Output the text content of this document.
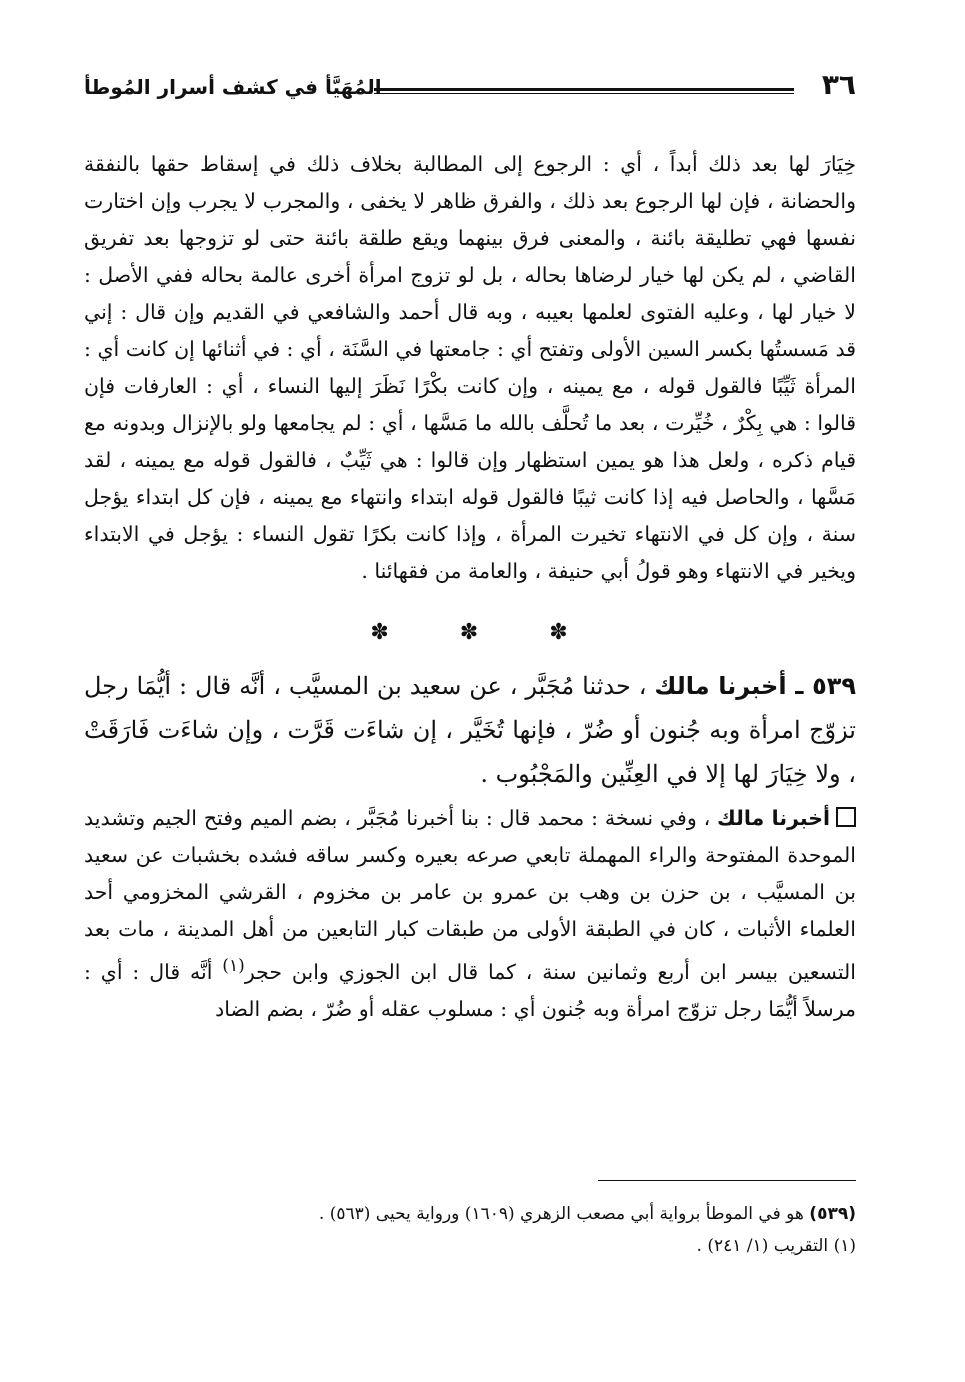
٣٦
المُهَيَّأ في كشف أسرار المُوطأ

خِيَارَ لها بعد ذلك أبداً ، أي : الرجوع إلى المطالبة بخلاف ذلك في إسقاط حقها بالنفقة والحضانة ، فإن لها الرجوع بعد ذلك ، والفرق ظاهر لا يخفى ، والمجرب لا يجرب وإن اختارت نفسها فهي تطليقة بائنة ، والمعنى فرق بينهما ويقع طلقة بائنة حتى لو تزوجها بعد تفريق القاضي ، لم يكن لها خيار لرضاها بحاله ، بل لو تزوج امرأة أخرى عالمة بحاله ففي الأصل : لا خيار لها ، وعليه الفتوى لعلمها بعيبه ، وبه قال أحمد والشافعي في القديم وإن قال : إني قد مَسستُها بكسر السين الأولى وتفتح أي : جامعتها في السَّنَة ، أي : في أثنائها إن كانت أي : المرأة ثَيِّبًا فالقول قوله ، مع يمينه ، وإن كانت بكْرًا نَظَرَ إليها النساء ، أي : العارفات فإن قالوا : هي بِكْرٌ ، خُيِّرت ، بعد ما تُحلَّف بالله ما مَسَّها ، أي : لم يجامعها ولو بالإنزال وبدونه مع قيام ذكره ، ولعل هذا هو يمين استظهار وإن قالوا : هي ثَيِّبٌ ، فالقول قوله مع يمينه ، لقد مَسَّها ، والحاصل فيه إذا كانت ثيبًا فالقول قوله ابتداء وانتهاء مع يمينه ، فإن كل ابتداء يؤجل سنة ، وإن كل في الانتهاء تخيرت المرأة ، وإذا كانت بكرًا تقول النساء : يؤجل في الابتداء ويخير في الانتهاء وهو قولُ أبي حنيفة ، والعامة من فقهائنا .

✽ ✽ ✽

٥٣٩ ـ أخبرنا مالك ، حدثنا مُجَبَّر ، عن سعيد بن المسيَّب ، أنَّه قال : أيُّمَا رجل تزوّج امرأة وبه جُنون أو ضُرّ ، فإنها تُخَيَّر ، إن شاءَت قَرَّت ، وإن شاءَت فَارَقَتْ ، ولا خِيَارَ لها إلا في العِنِّين والمَجْبُوب .

أخبرنا مالك ، وفي نسخة : محمد قال : بنا أخبرنا مُجَبَّر ، بضم الميم وفتح الجيم وتشديد الموحدة المفتوحة والراء المهملة تابعي صرعه بعيره وكسر ساقه فشده بخشبات عن سعيد بن المسيَّب ، بن حزن بن وهب بن عمرو بن عامر بن مخزوم ، القرشي المخزومي أحد العلماء الأثبات ، كان في الطبقة الأولى من طبقات كبار التابعين من أهل المدينة ، مات بعد التسعين بيسر ابن أربع وثمانين سنة ، كما قال ابن الجوزي وابن حجر$^{(١)}$ أنَّه قال : أي : مرسلاً أيُّمَا رجل تزوّج امرأة وبه جُنون أي : مسلوب عقله أو ضُرّ ، بضم الضاد

(٥٣٩) هو في الموطأ برواية أبي مصعب الزهري (١٦٠٩) ورواية يحيى (٥٦٣) .

(١) التقريب (١/ ٢٤١) .
